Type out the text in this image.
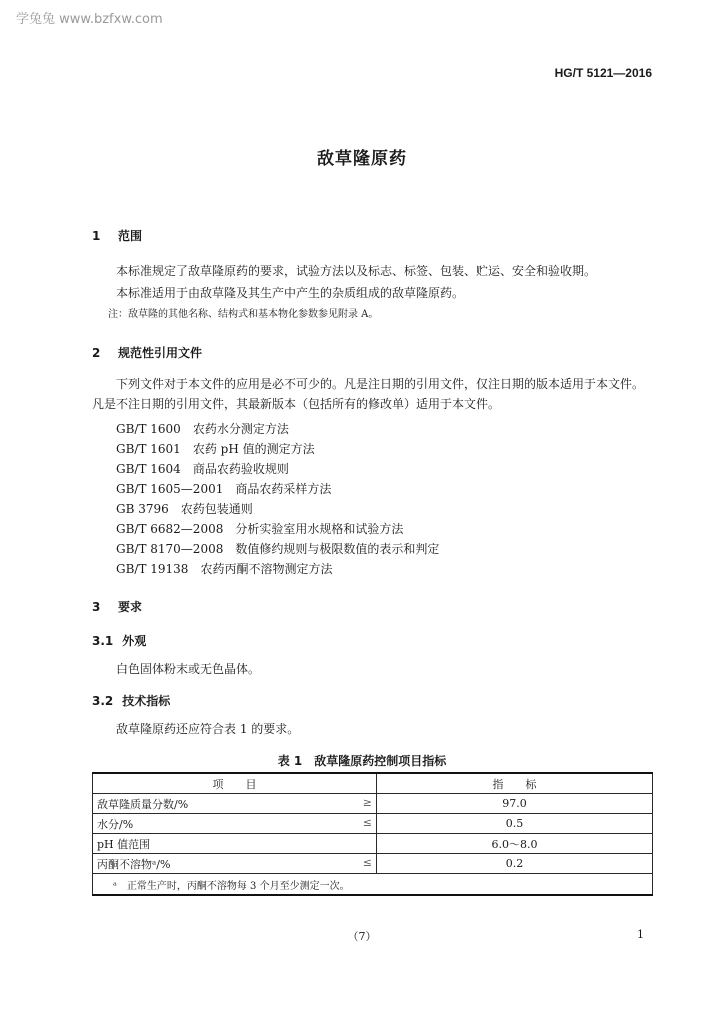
学兔兔 www.bzfxw.com
HG/T 5121—2016
敌草隆原药
1 范围
本标准规定了敌草隆原药的要求，试验方法以及标志、标签、包装、贮运、安全和验收期。
本标准适用于由敌草隆及其生产中产生的杂质组成的敌草隆原药。
注：敌草隆的其他名称、结构式和基本物化参数参见附录 A。
2 规范性引用文件
下列文件对于本文件的应用是必不可少的。凡是注日期的引用文件，仅注日期的版本适用于本文件。凡是不注日期的引用文件，其最新版本（包括所有的修改单）适用于本文件。
GB/T 1600　 农药水分测定方法
GB/T 1601　 农药 pH 值的测定方法
GB/T 1604　 商品农药验收规则
GB/T 1605—2001　 商品农药采样方法
GB 3796　 农药包装通则
GB/T 6682—2008　 分析实验室用水规格和试验方法
GB/T 8170—2008　 数值修约规则与极限数值的表示和判定
GB/T 19138　 农药丙酮不溶物测定方法
3 要求
3.1 外观
白色固体粉末或无色晶体。
3.2 技术指标
敌草隆原药还应符合表 1 的要求。
表 1 敌草隆原药控制项目指标
项　　目	指　　标

敌草隆质量分数/% ≥	97.0

水分/% ≤	0.5

pH 值范围	6.0～8.0

丙酮不溶物ᵃ/% ≤	0.2
ᵃ　正常生产时，丙酮不溶物每 3 个月至少测定一次。	
（7）	1
